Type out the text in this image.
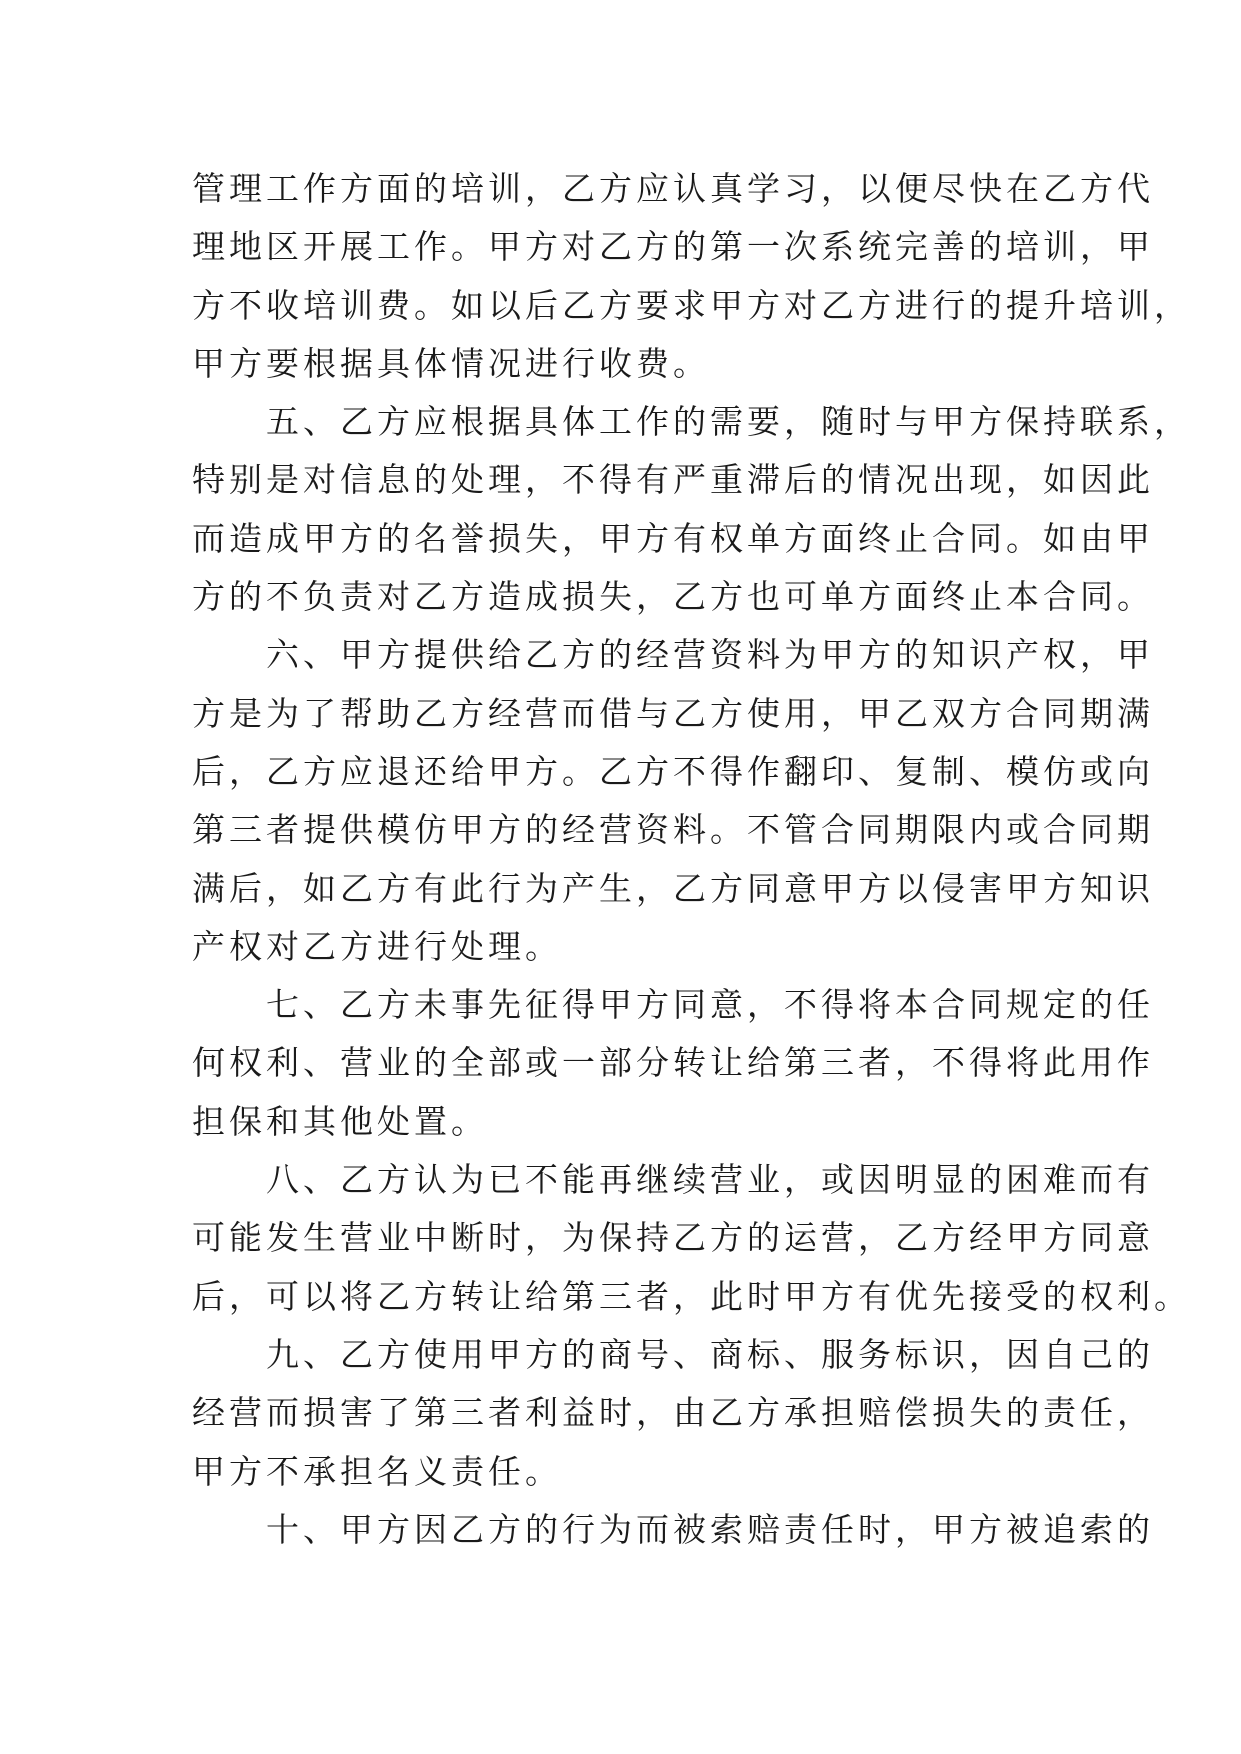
管理工作方面的培训，乙方应认真学习，以便尽快在乙方代
理地区开展工作。甲方对乙方的第一次系统完善的培训，甲
方不收培训费。如以后乙方要求甲方对乙方进行的提升培训，
甲方要根据具体情况进行收费。
　　五、乙方应根据具体工作的需要，随时与甲方保持联系，
特别是对信息的处理，不得有严重滞后的情况出现，如因此
而造成甲方的名誉损失，甲方有权单方面终止合同。如由甲
方的不负责对乙方造成损失，乙方也可单方面终止本合同。
　　六、甲方提供给乙方的经营资料为甲方的知识产权，甲
方是为了帮助乙方经营而借与乙方使用，甲乙双方合同期满
后，乙方应退还给甲方。乙方不得作翻印、复制、模仿或向
第三者提供模仿甲方的经营资料。不管合同期限内或合同期
满后，如乙方有此行为产生，乙方同意甲方以侵害甲方知识
产权对乙方进行处理。
　　七、乙方未事先征得甲方同意，不得将本合同规定的任
何权利、营业的全部或一部分转让给第三者，不得将此用作
担保和其他处置。
　　八、乙方认为已不能再继续营业，或因明显的困难而有
可能发生营业中断时，为保持乙方的运营，乙方经甲方同意
后，可以将乙方转让给第三者，此时甲方有优先接受的权利。
　　九、乙方使用甲方的商号、商标、服务标识，因自己的
经营而损害了第三者利益时，由乙方承担赔偿损失的责任，
甲方不承担名义责任。
　　十、甲方因乙方的行为而被索赔责任时，甲方被追索的
